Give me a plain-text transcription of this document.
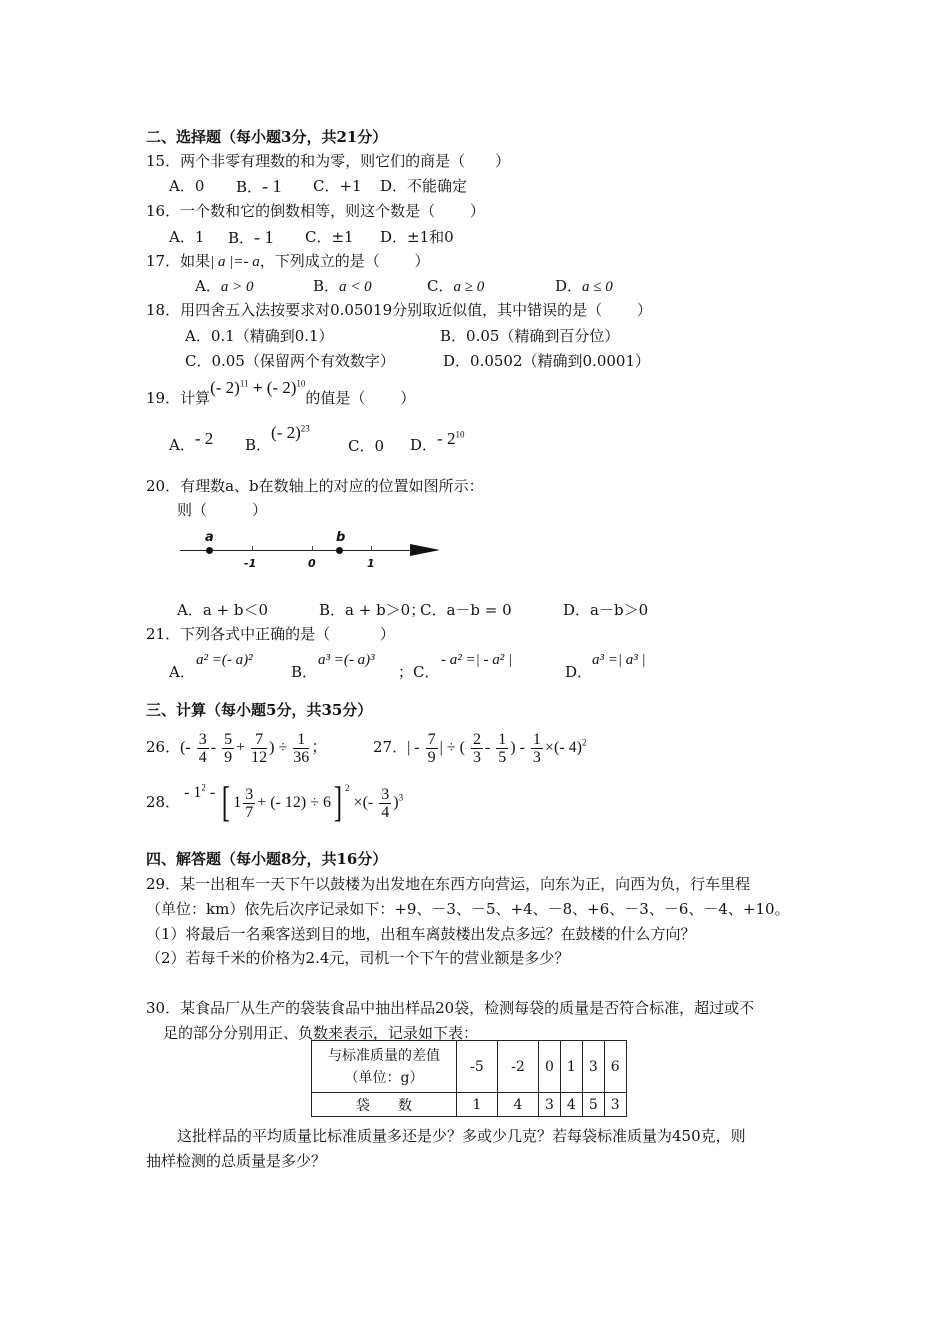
二、选择题（每小题3分，共21分）
15．两个非零有理数的和为零，则它们的商是（　　）
A．0 B．- 1 C．+1 D．不能确定
16．一个数和它的倒数相等，则这个数是（　　 ）
A．1 B．- 1 C．±1 D．±1和0
17．如果| a |=- a，下列成立的是（　　 ）
A．a > 0	B．a < 0	C．a ≥ 0	D．a ≤ 0
18．用四舍五入法按要求对0.05019分别取近似值，其中错误的是（　　 ）
A．0.1（精确到0.1）	B．0.05（精确到百分位）
C．0.05（保留两个有效数字）	D．0.0502（精确到0.0001）
19．计算(- 2)$^{11}$ + (- 2)$^{10}$的值是（　　 ）
A．- 2 B．(- 2)$^{23}$
C．0 D．- $2^{10}$
20．有理数a、b在数轴上的对应的位置如图所示：
则（　　　）
a	b
-1	0	1
A．a + b＜0	B．a + b＞0；
C．a－b = 0	D．a－b＞0
21．下列各式中正确的是（　　　 ）
A．
a² =(- a)²
B．
a³ =(- a)³
；C．
- a² =| - a² |
D．
a³ =| a³ |
三、计算（每小题5分，共35分）
26．(- $\frac{3}{4} - \frac{5}{9} + \frac{7}{12}$ ) ÷ $\frac{1}{36}$ ；	27．| - $\frac{7}{9}$ | ÷ ( $\frac{2}{3} - \frac{1}{5}$ ) - $\frac{1}{3}$ ×(- 4)$^2$
28． - $1^2$ - [ $1 \frac{3}{7}$ + (- 12) ÷ 6] $^2$ ×(- $\frac{3}{4} )^3$
四、解答题（每小题8分，共16分）
29．某一出租车一天下午以鼓楼为出发地在东西方向营运，向东为正，向西为负，行车里程
（单位：km）依先后次序记录如下：+9、－3、－5、+4、－8、+6、－3、－6、－4、+10。
（1）将最后一名乘客送到目的地，出租车离鼓楼出发点多远？在鼓楼的什么方向？
（2）若每千米的价格为2.4元，司机一个下午的营业额是多少？
30．某食品厂从生产的袋装食品中抽出样品20袋，检测每袋的质量是否符合标准，超过或不
足的部分分别用正、负数来表示，记录如下表：
与标准质量的差值
（单位：g）	-5	-2	0	1	3	6
袋　　数	1	4	3	4	5	3
这批样品的平均质量比标准质量多还是少？多或少几克？若每袋标准质量为450克，则
抽样检测的总质量是多少？
